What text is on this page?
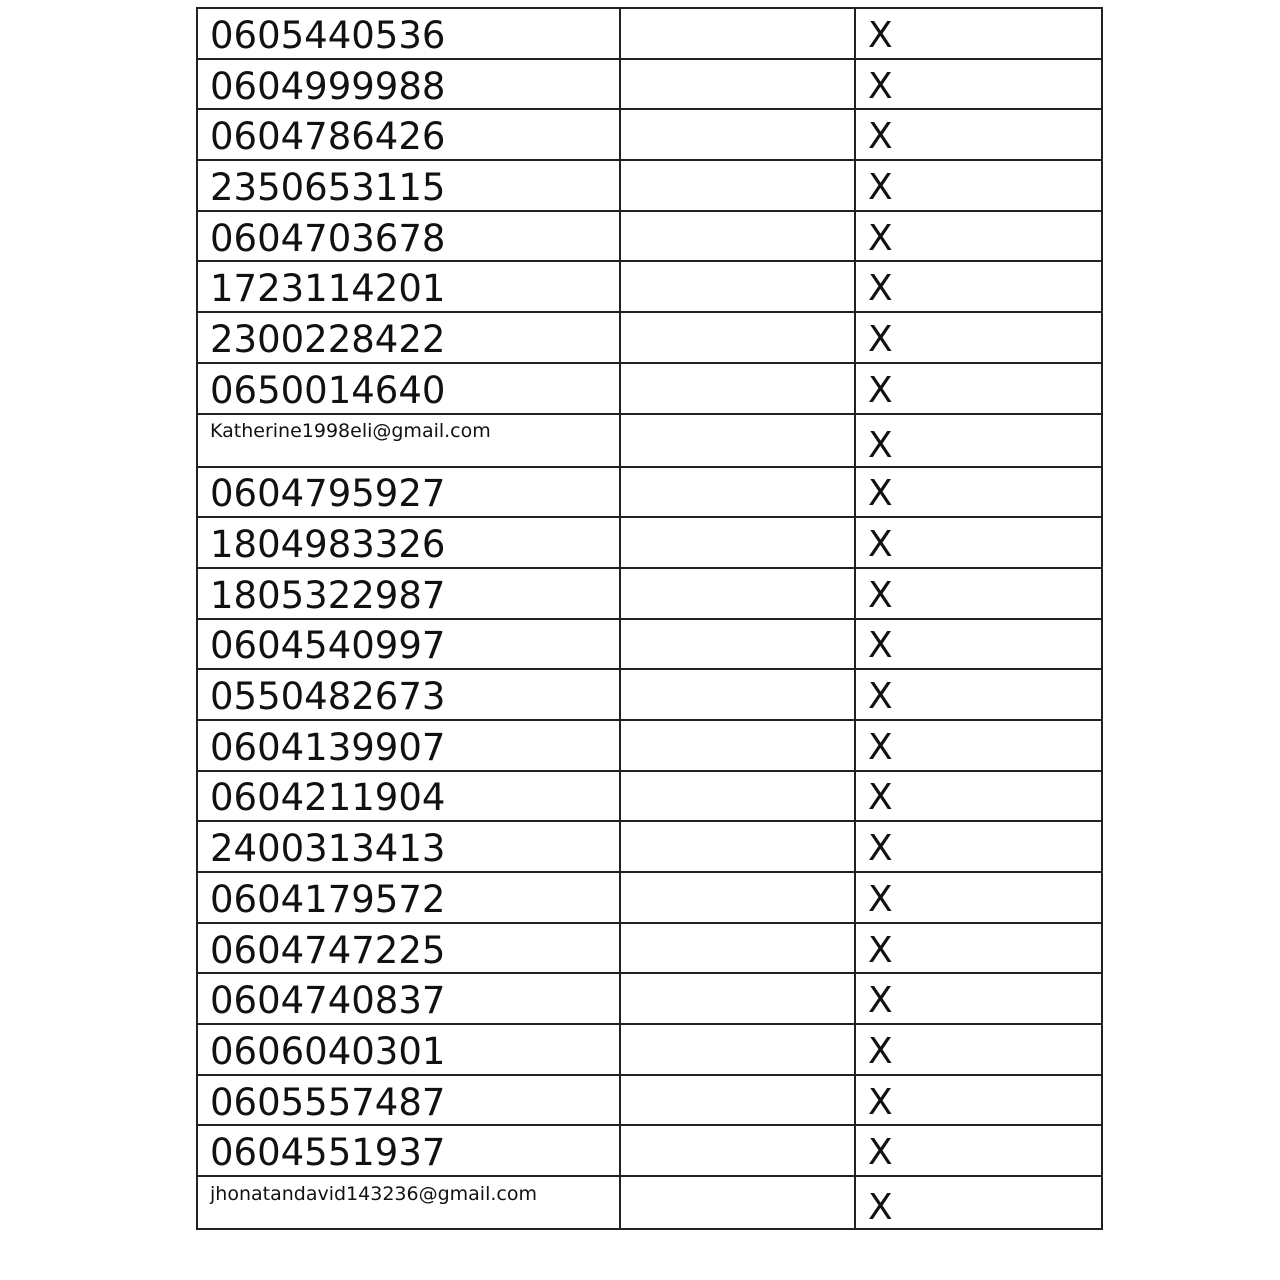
0605440536		X

0604999988		X

0604786426		X

2350653115		X

0604703678		X

1723114201		X

2300228422		X

0650014640		X

Katherine1998eli@gmail.com		X

0604795927		X

1804983326		X

1805322987		X

0604540997		X

0550482673		X

0604139907		X

0604211904		X

2400313413		X

0604179572		X

0604747225		X

0604740837		X

0606040301		X

0605557487		X

0604551937		X

jhonatandavid143236@gmail.com		X
